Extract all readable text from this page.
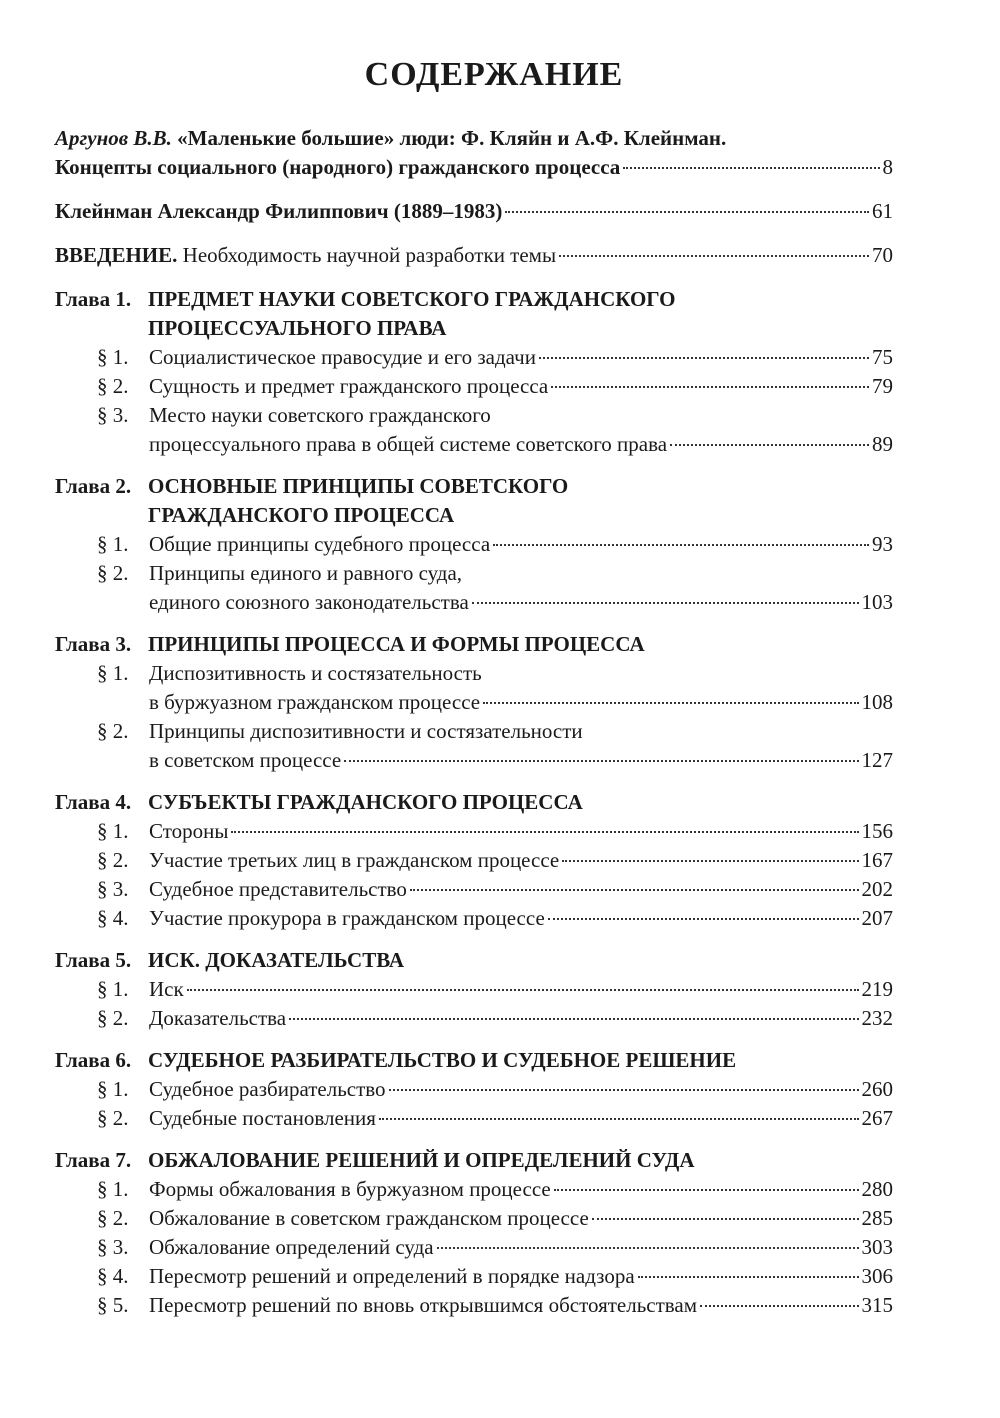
СОДЕРЖАНИЕ
Аргунов В.В. «Маленькие большие» люди: Ф. Кляйн и А.Ф. Клейнман.
Концепты социального (народного) гражданского процесса	8
Клейнман Александр Филиппович (1889–1983)	61
ВВЕДЕНИЕ. Необходимость научной разработки темы	70
Глава 1. ПРЕДМЕТ НАУКИ СОВЕТСКОГО ГРАЖДАНСКОГО
ПРОЦЕССУАЛЬНОГО ПРАВА
§ 1. Социалистическое правосудие и его задачи	75
§ 2. Сущность и предмет гражданского процесса	79
§ 3. Место науки советского гражданского
процессуального права в общей системе советского права	89
Глава 2. ОСНОВНЫЕ ПРИНЦИПЫ СОВЕТСКОГО
ГРАЖДАНСКОГО ПРОЦЕССА
§ 1. Общие принципы судебного процесса	93
§ 2. Принципы единого и равного суда,
единого союзного законодательства	103
Глава 3. ПРИНЦИПЫ ПРОЦЕССА И ФОРМЫ ПРОЦЕССА
§ 1. Диспозитивность и состязательность
в буржуазном гражданском процессе	108
§ 2. Принципы диспозитивности и состязательности
в советском процессе	127
Глава 4. СУБЪЕКТЫ ГРАЖДАНСКОГО ПРОЦЕССА
§ 1. Стороны	156
§ 2. Участие третьих лиц в гражданском процессе	167
§ 3. Судебное представительство	202
§ 4. Участие прокурора в гражданском процессе	207
Глава 5. ИСК. ДОКАЗАТЕЛЬСТВА
§ 1. Иск	219
§ 2. Доказательства	232
Глава 6. СУДЕБНОЕ РАЗБИРАТЕЛЬСТВО И СУДЕБНОЕ РЕШЕНИЕ
§ 1. Судебное разбирательство	260
§ 2. Судебные постановления	267
Глава 7. ОБЖАЛОВАНИЕ РЕШЕНИЙ И ОПРЕДЕЛЕНИЙ СУДА
§ 1. Формы обжалования в буржуазном процессе	280
§ 2. Обжалование в советском гражданском процессе	285
§ 3. Обжалование определений суда	303
§ 4. Пересмотр решений и определений в порядке надзора	306
§ 5. Пересмотр решений по вновь открывшимся обстоятельствам	315
